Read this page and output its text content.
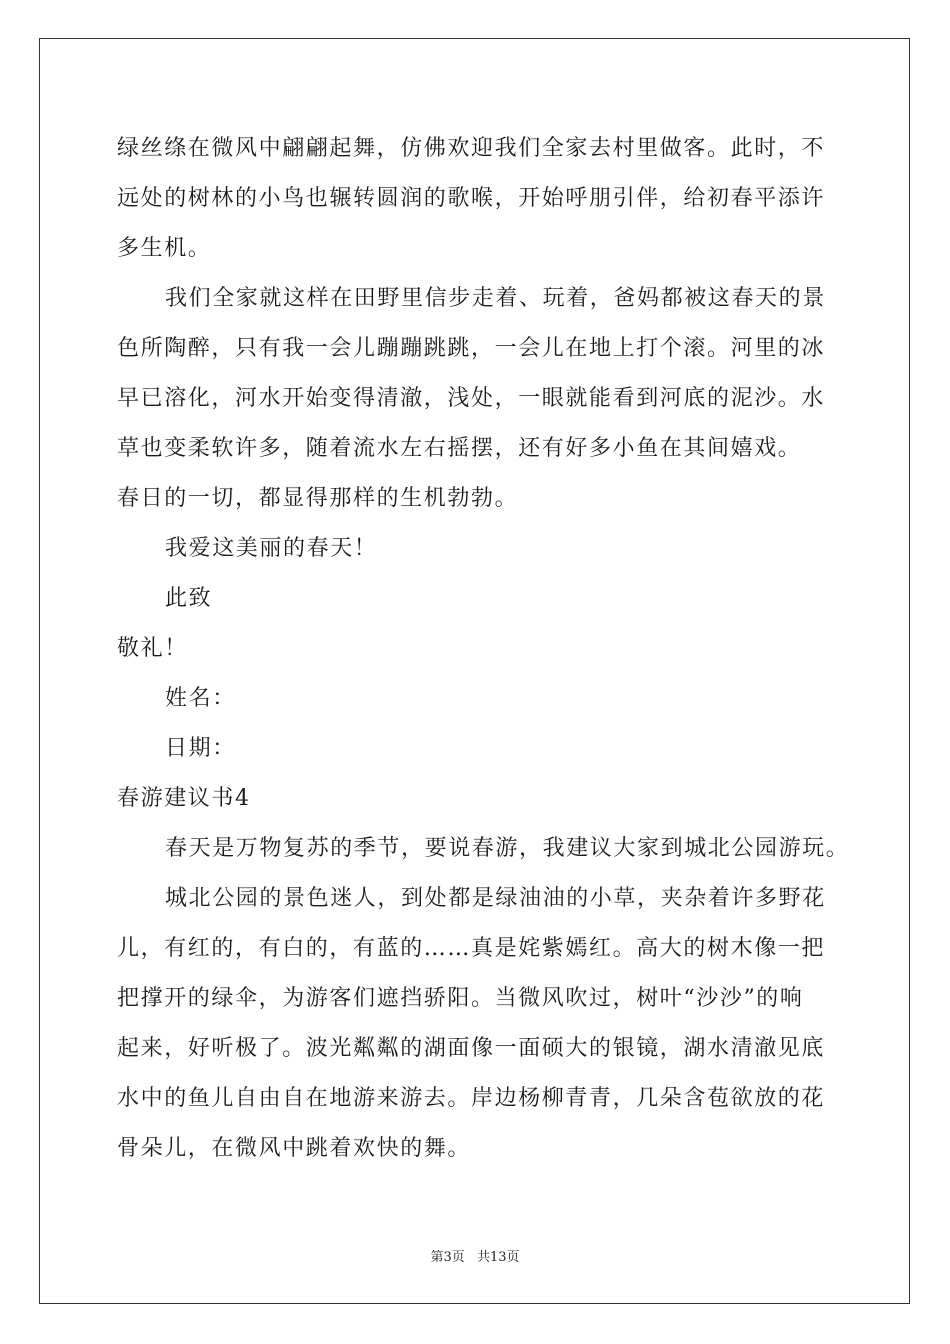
绿丝绦在微风中翩翩起舞，仿佛欢迎我们全家去村里做客。此时，不
远处的树林的小鸟也辗转圆润的歌喉，开始呼朋引伴，给初春平添许
多生机。
我们全家就这样在田野里信步走着、玩着，爸妈都被这春天的景
色所陶醉，只有我一会儿蹦蹦跳跳，一会儿在地上打个滚。河里的冰
早已溶化，河水开始变得清澈，浅处，一眼就能看到河底的泥沙。水
草也变柔软许多，随着流水左右摇摆，还有好多小鱼在其间嬉戏。
春日的一切，都显得那样的生机勃勃。
我爱这美丽的春天！
此致
敬礼！
姓名：
日期：
春游建议书4
春天是万物复苏的季节，要说春游，我建议大家到城北公园游玩。
城北公园的景色迷人，到处都是绿油油的小草，夹杂着许多野花
儿，有红的，有白的，有蓝的……真是姹紫嫣红。高大的树木像一把
把撑开的绿伞，为游客们遮挡骄阳。当微风吹过，树叶“沙沙”的响
起来，好听极了。波光粼粼的湖面像一面硕大的银镜，湖水清澈见底
水中的鱼儿自由自在地游来游去。岸边杨柳青青，几朵含苞欲放的花
骨朵儿，在微风中跳着欢快的舞。
第3页 共13页
